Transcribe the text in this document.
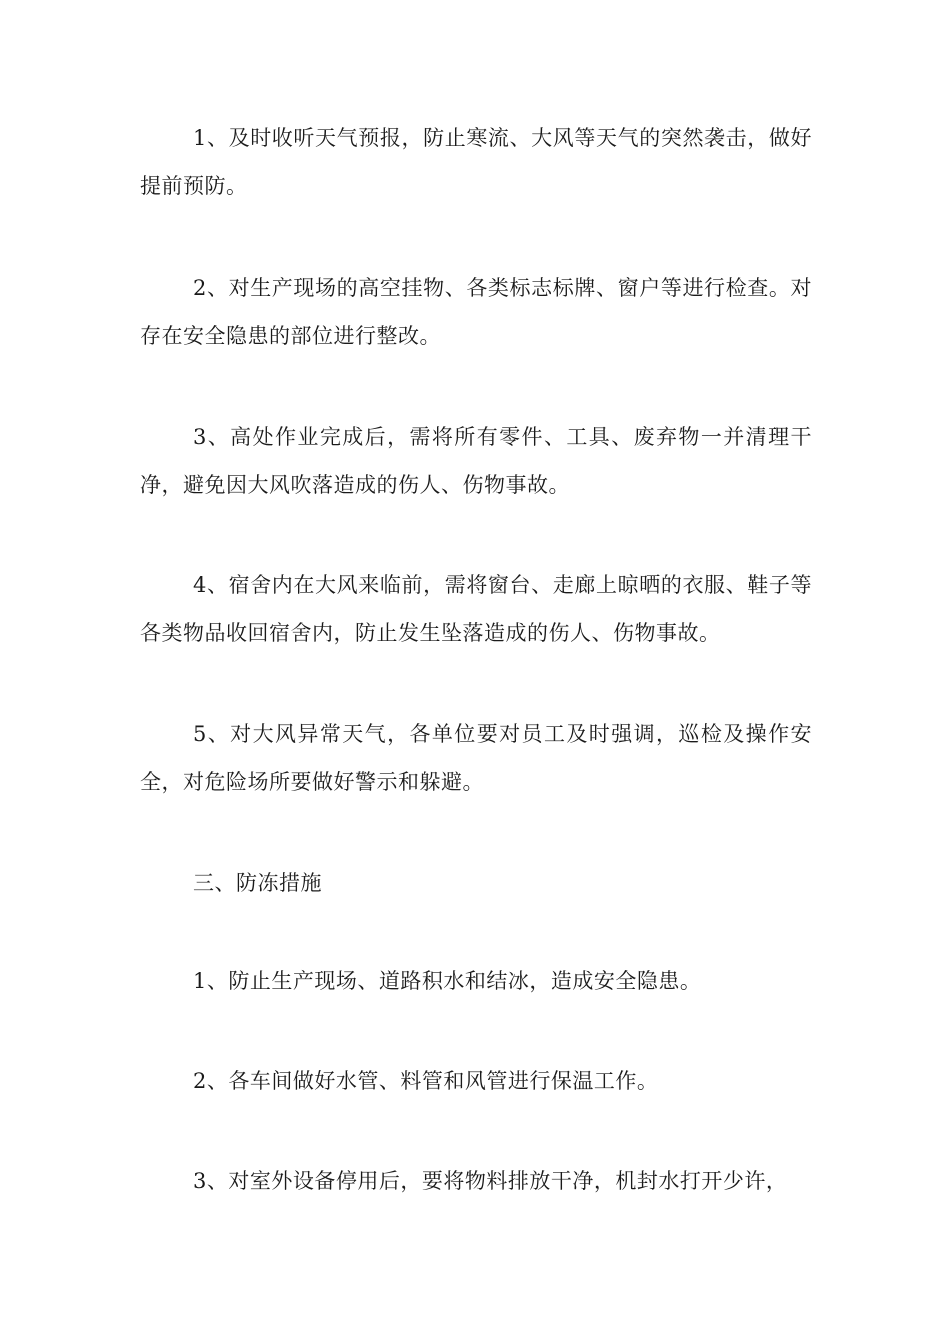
1、及时收听天气预报，防止寒流、大风等天气的突然袭击，做好提前预防。

2、对生产现场的高空挂物、各类标志标牌、窗户等进行检查。对存在安全隐患的部位进行整改。

3、高处作业完成后，需将所有零件、工具、废弃物一并清理干净，避免因大风吹落造成的伤人、伤物事故。

4、宿舍内在大风来临前，需将窗台、走廊上晾晒的衣服、鞋子等各类物品收回宿舍内，防止发生坠落造成的伤人、伤物事故。

5、对大风异常天气，各单位要对员工及时强调，巡检及操作安全，对危险场所要做好警示和躲避。

三、防冻措施

1、防止生产现场、道路积水和结冰，造成安全隐患。

2、各车间做好水管、料管和风管进行保温工作。

3、对室外设备停用后，要将物料排放干净，机封水打开少许，
